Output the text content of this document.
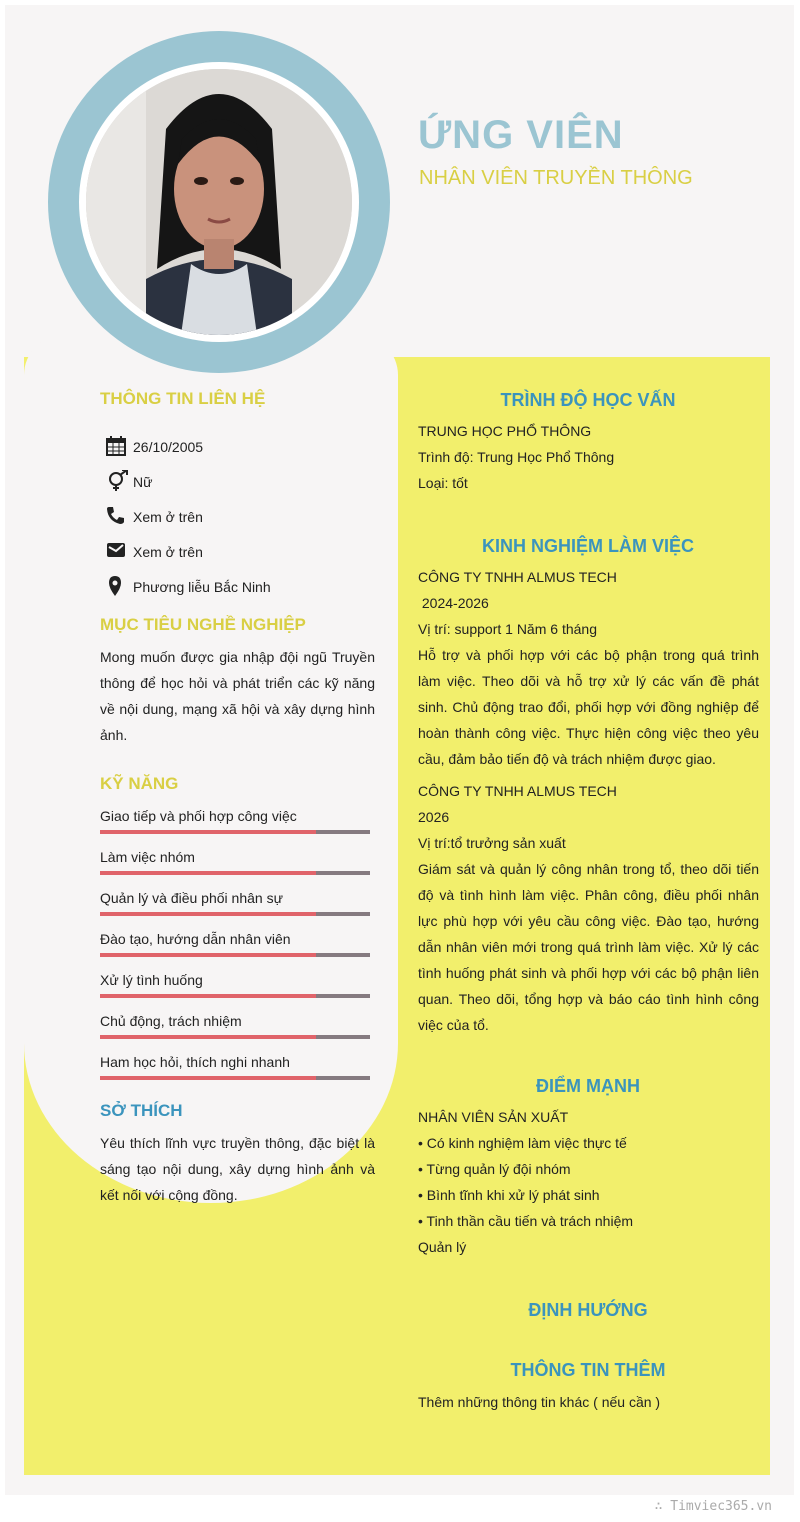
ỨNG VIÊN
NHÂN VIÊN TRUYỀN THÔNG
THÔNG TIN LIÊN HỆ
26/10/2005
Nữ
Xem ở trên
Xem ở trên
Phương liễu Bắc Ninh
MỤC TIÊU NGHỀ NGHIỆP

Mong muốn được gia nhập đội ngũ Truyền thông để học hỏi và phát triển các kỹ năng về nội dung, mạng xã hội và xây dựng hình ảnh.

KỸ NĂNG
Giao tiếp và phối hợp công việc
Làm việc nhóm
Quản lý và điều phối nhân sự
Đào tạo, hướng dẫn nhân viên
Xử lý tình huống
Chủ động, trách nhiệm
Ham học hỏi, thích nghi nhanh
SỞ THÍCH

Yêu thích lĩnh vực truyền thông, đặc biệt là sáng tạo nội dung, xây dựng hình ảnh và kết nối với cộng đồng.

TRÌNH ĐỘ HỌC VẤN

TRUNG HỌC PHỔ THÔNG

Trình độ: Trung Học Phổ Thông

Loại: tốt

KINH NGHIỆM LÀM VIỆC

CÔNG TY TNHH ALMUS TECH

2024-2026

Vị trí: support 1 Năm 6 tháng

Hỗ trợ và phối hợp với các bộ phận trong quá trình làm việc. Theo dõi và hỗ trợ xử lý các vấn đề phát sinh. Chủ động trao đổi, phối hợp với đồng nghiệp để hoàn thành công việc. Thực hiện công việc theo yêu cầu, đảm bảo tiến độ và trách nhiệm được giao.

CÔNG TY TNHH ALMUS TECH

2026

Vị trí:tổ trưởng sản xuất

Giám sát và quản lý công nhân trong tổ, theo dõi tiến độ và tình hình làm việc. Phân công, điều phối nhân lực phù hợp với yêu cầu công việc. Đào tạo, hướng dẫn nhân viên mới trong quá trình làm việc. Xử lý các tình huống phát sinh và phối hợp với các bộ phận liên quan. Theo dõi, tổng hợp và báo cáo tình hình công việc của tổ.

ĐIỂM MẠNH

NHÂN VIÊN SẢN XUẤT

• Có kinh nghiệm làm việc thực tế

• Từng quản lý đội nhóm

• Bình tĩnh khi xử lý phát sinh

• Tinh thần cầu tiến và trách nhiệm

Quản lý

ĐỊNH HƯỚNG
THÔNG TIN THÊM
Thêm những thông tin khác ( nếu cần )
∴ Timviec365.vn
